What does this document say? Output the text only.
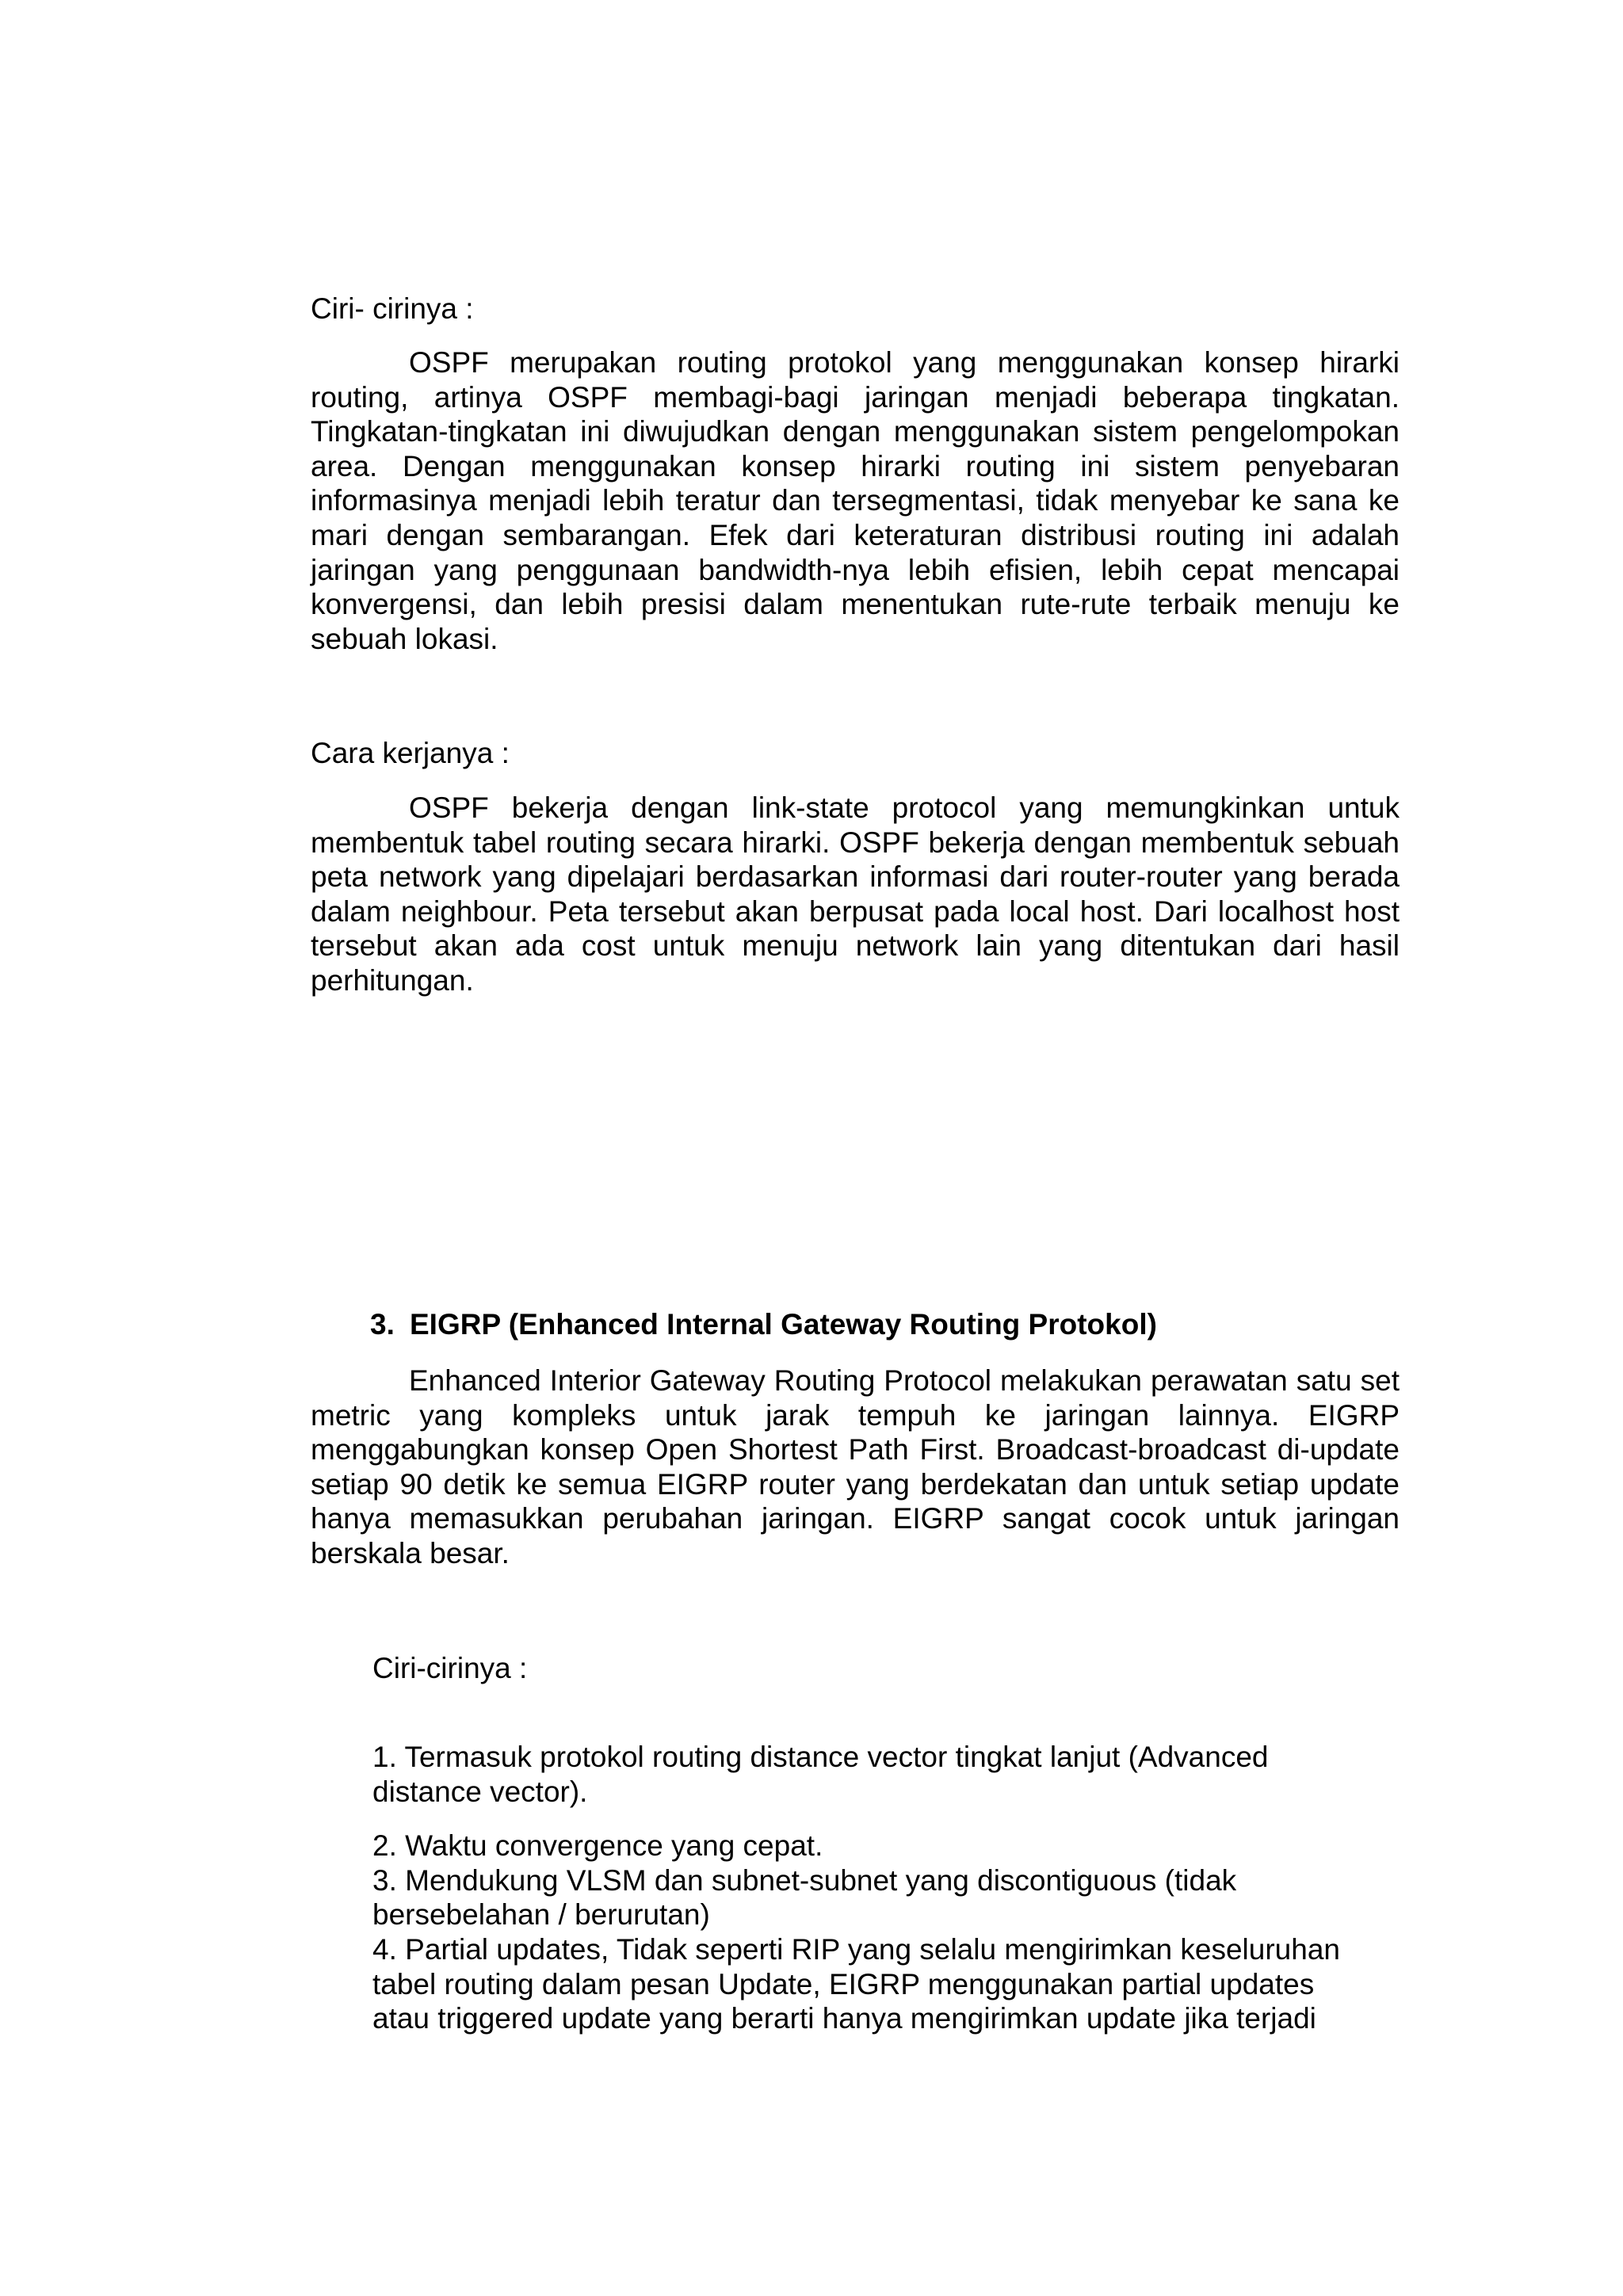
Ciri- cirinya :

OSPF merupakan routing protokol yang menggunakan konsep hirarki routing, artinya OSPF membagi-bagi jaringan menjadi beberapa tingkatan. Tingkatan-tingkatan ini diwujudkan dengan menggunakan sistem pengelompokan area. Dengan menggunakan konsep hirarki routing ini sistem penyebaran informasinya menjadi lebih teratur dan tersegmentasi, tidak menyebar ke sana ke mari dengan sembarangan. Efek dari keteraturan distribusi routing ini adalah jaringan yang penggunaan bandwidth-nya lebih efisien, lebih cepat mencapai konvergensi, dan lebih presisi dalam menentukan rute-rute terbaik menuju ke sebuah lokasi.

Cara kerjanya :

OSPF bekerja dengan link-state protocol yang memungkinkan untuk membentuk tabel routing secara hirarki. OSPF bekerja dengan membentuk sebuah peta network yang dipelajari berdasarkan informasi dari router-router yang berada dalam neighbour. Peta tersebut akan berpusat pada local host. Dari localhost host tersebut akan ada cost untuk menuju network lain yang ditentukan dari hasil perhitungan.

3. EIGRP (Enhanced Internal Gateway Routing Protokol)

Enhanced Interior Gateway Routing Protocol melakukan perawatan satu set metric yang kompleks untuk jarak tempuh ke jaringan lainnya. EIGRP menggabungkan konsep Open Shortest Path First. Broadcast-broadcast di-update setiap 90 detik ke semua EIGRP router yang berdekatan dan untuk setiap update hanya memasukkan perubahan jaringan. EIGRP sangat cocok untuk jaringan berskala besar.

Ciri-cirinya :

1. Termasuk protokol routing distance vector tingkat lanjut (Advanced distance vector).

2. Waktu convergence yang cepat.

3. Mendukung VLSM dan subnet-subnet yang discontiguous (tidak bersebelahan / berurutan)

4. Partial updates, Tidak seperti RIP yang selalu mengirimkan keseluruhan tabel routing dalam pesan Update, EIGRP menggunakan partial updates atau triggered update yang berarti hanya mengirimkan update jika terjadi
